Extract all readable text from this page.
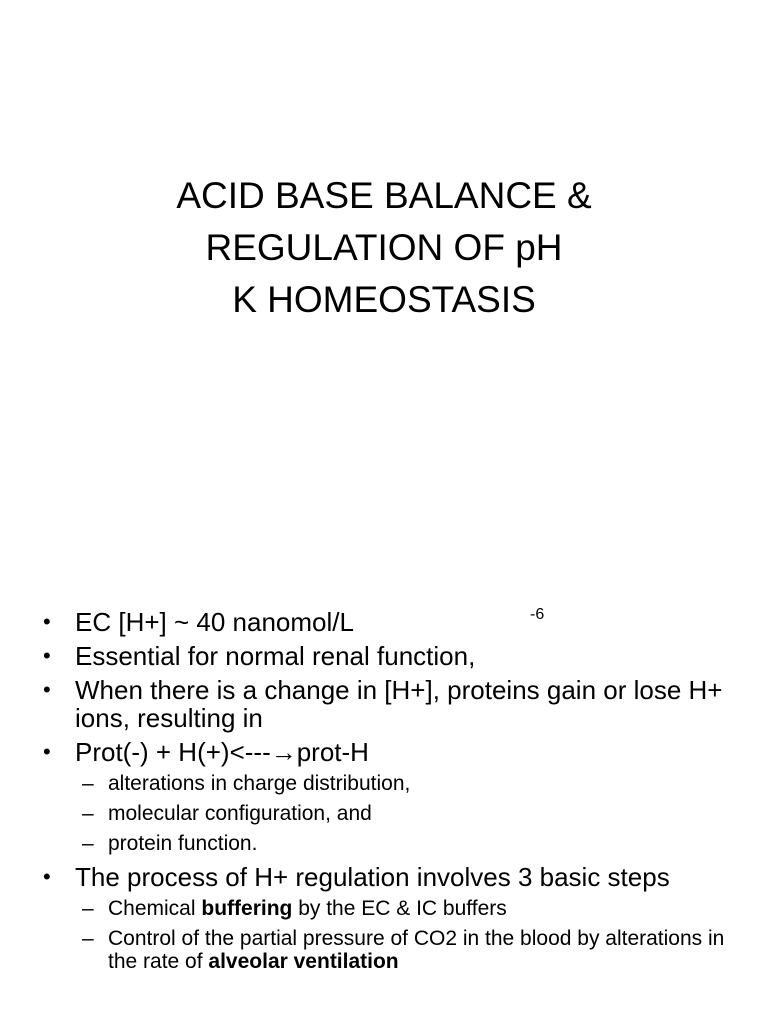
ACID BASE BALANCE &
REGULATION OF pH
K HOMEOSTASIS
-6
• EC [H+] ~ 40 nanomol/L
• Essential for normal renal function,
• When there is a change in [H+], proteins gain or lose H+ ions, resulting in
• Prot(-) + H(+)<---→prot-H
– alterations in charge distribution,
– molecular configuration, and
– protein function.
• The process of H+ regulation involves 3 basic steps
– Chemical buffering by the EC & IC buffers
– Control of the partial pressure of CO2 in the blood by alterations in the rate of alveolar ventilation
